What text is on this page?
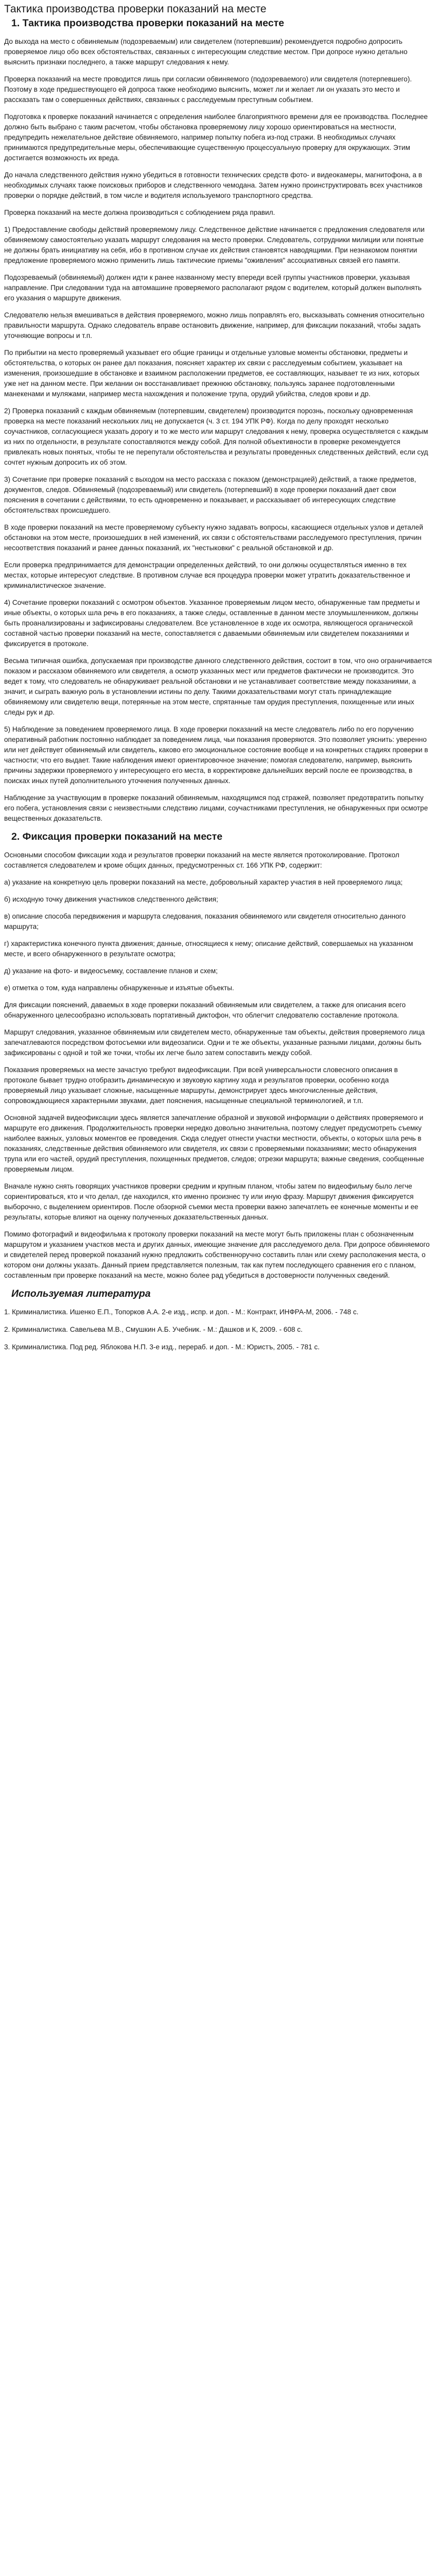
Тактика производства проверки показаний на месте
1. Тактика производства проверки показаний на месте

До выхода на место с обвиняемым (подозреваемым) или свидетелем (потерпевшим) рекомендуется подробно допросить проверяемое лицо обо всех обстоятельствах, связанных с интересующим следствие местом. При допросе нужно детально выяснить признаки последнего, а также маршрут следования к нему.

Проверка показаний на месте проводится лишь при согласии обвиняемого (подозреваемого) или свидетеля (потерпевшего). Поэтому в ходе предшествующего ей допроса также необходимо выяснить, может ли и желает ли он указать это место и рассказать там о совершенных действиях, связанных с расследуемым преступным событием.

Подготовка к проверке показаний начинается с определения наиболее благоприятного времени для ее производства. Последнее должно быть выбрано с таким расчетом, чтобы обстановка проверяемому лицу хорошо ориентироваться на местности, предупредить нежелательное действие обвиняемого, например попытку побега из-под стражи. В необходимых случаях принимаются предупредительные меры, обеспечивающие существенную процессуальную проверку для окружающих. Этим достигается возможность их вреда.

До начала следственного действия нужно убедиться в готовности технических средств фото- и видеокамеры, магнитофона, а в необходимых случаях также поисковых приборов и следственного чемодана. Затем нужно проинструктировать всех участников проверки о порядке действий, в том числе и водителя используемого транспортного средства.

Проверка показаний на месте должна производиться с соблюдением ряда правил.

1) Предоставление свободы действий проверяемому лицу. Следственное действие начинается с предложения следователя или обвиняемому самостоятельно указать маршрут следования на место проверки. Следователь, сотрудники милиции или понятые не должны брать инициативу на себя, ибо в противном случае их действия становятся наводящими. При незнакомом понятии предложение проверяемого можно применить лишь тактические приемы "оживления" ассоциативных связей его памяти.

Подозреваемый (обвиняемый) должен идти к ранее названному месту впереди всей группы участников проверки, указывая направление. При следовании туда на автомашине проверяемого располагают рядом с водителем, который должен выполнять его указания о маршруте движения.

Следователю нельзя вмешиваться в действия проверяемого, можно лишь поправлять его, высказывать сомнения относительно правильности маршрута. Однако следователь вправе остановить движение, например, для фиксации показаний, чтобы задать уточняющие вопросы и т.п.

По прибытии на место проверяемый указывает его общие границы и отдельные узловые моменты обстановки, предметы и обстоятельства, о которых он ранее дал показания, поясняет характер их связи с расследуемым событием, указывает на изменения, произошедшие в обстановке и взаимном расположении предметов, ее составляющих, называет те из них, которых уже нет на данном месте. При желании он восстанавливает прежнюю обстановку, пользуясь заранее подготовленными манекенами и муляжами, например места нахождения и положение трупа, орудий убийства, следов крови и др.

2) Проверка показаний с каждым обвиняемым (потерпевшим, свидетелем) производится порознь, поскольку одновременная проверка на месте показаний нескольких лиц не допускается (ч. 3 ст. 194 УПК РФ). Когда по делу проходят несколько соучастников, согласующиеся указать дорогу и то же место или маршрут следования к нему, проверка осуществляется с каждым из них по отдельности, в результате сопоставляются между собой. Для полной объективности в проверке рекомендуется привлекать новых понятых, чтобы те не перепутали обстоятельства и результаты проведенных следственных действий, если суд сочтет нужным допросить их об этом.

3) Сочетание при проверке показаний с выходом на место рассказа с показом (демонстрацией) действий, а также предметов, документов, следов. Обвиняемый (подозреваемый) или свидетель (потерпевший) в ходе проверки показаний дает свои пояснения в сочетании с действиями, то есть одновременно и показывает, и рассказывает об интересующих следствие обстоятельствах происшедшего.

В ходе проверки показаний на месте проверяемому субъекту нужно задавать вопросы, касающиеся отдельных узлов и деталей обстановки на этом месте, произошедших в ней изменений, их связи с обстоятельствами расследуемого преступления, причин несоответствия показаний и ранее данных показаний, их "нестыковки" с реальной обстановкой и др.

Если проверка предпринимается для демонстрации определенных действий, то они должны осуществляться именно в тех местах, которые интересуют следствие. В противном случае вся процедура проверки может утратить доказательственное и криминалистическое значение.

4) Сочетание проверки показаний с осмотром объектов. Указанное проверяемым лицом место, обнаруженные там предметы и иные объекты, о которых шла речь в его показаниях, а также следы, оставленные в данном месте злоумышленником, должны быть проанализированы и зафиксированы следователем. Все установленное в ходе их осмотра, являющегося органической составной частью проверки показаний на месте, сопоставляется с даваемыми обвиняемым или свидетелем показаниями и фиксируется в протоколе.

Весьма типичная ошибка, допускаемая при производстве данного следственного действия, состоит в том, что оно ограничивается показом и рассказом обвиняемого или свидетеля, а осмотр указанных мест или предметов фактически не производится. Это ведет к тому, что следователь не обнаруживает реальной обстановки и не устанавливает соответствие между показаниями, а значит, и сыграть важную роль в установлении истины по делу. Такими доказательствами могут стать принадлежащие обвиняемому или свидетелю вещи, потерянные на этом месте, спрятанные там орудия преступления, похищенные или иных следы рук и др.

5) Наблюдение за поведением проверяемого лица. В ходе проверки показаний на месте следователь либо по его поручению оперативный работник постоянно наблюдает за поведением лица, чьи показания проверяются. Это позволяет уяснить: уверенно или нет действует обвиняемый или свидетель, каково его эмоциональное состояние вообще и на конкретных стадиях проверки в частности; что его выдает. Такие наблюдения имеют ориентировочное значение; помогая следователю, например, выяснить причины задержки проверяемого у интересующего его места, в корректировке дальнейших версий после ее производства, в поисках иных путей дополнительного уточнения полученных данных.

Наблюдение за участвующим в проверке показаний обвиняемым, находящимся под стражей, позволяет предотвратить попытку его побега, установления связи с неизвестными следствию лицами, соучастниками преступления, не обнаруженных при осмотре вещественных доказательств.

2. Фиксация проверки показаний на месте

Основными способом фиксации хода и результатов проверки показаний на месте является протоколирование. Протокол составляется следователем и кроме общих данных, предусмотренных ст. 166 УПК РФ, содержит:

а) указание на конкретную цель проверки показаний на месте, добровольный характер участия в ней проверяемого лица;

б) исходную точку движения участников следственного действия;

в) описание способа передвижения и маршрута следования, показания обвиняемого или свидетеля относительно данного маршрута;

г) характеристика конечного пункта движения; данные, относящиеся к нему; описание действий, совершаемых на указанном месте, и всего обнаруженного в результате осмотра;

д) указание на фото- и видеосъемку, составление планов и схем;

е) отметка о том, куда направлены обнаруженные и изъятые объекты.

Для фиксации пояснений, даваемых в ходе проверки показаний обвиняемым или свидетелем, а также для описания всего обнаруженного целесообразно использовать портативный диктофон, что облегчит следователю составление протокола.

Маршрут следования, указанное обвиняемым или свидетелем место, обнаруженные там объекты, действия проверяемого лица запечатлеваются посредством фотосъемки или видеозаписи. Одни и те же объекты, указанные разными лицами, должны быть зафиксированы с одной и той же точки, чтобы их легче было затем сопоставить между собой.

Показания проверяемых на месте зачастую требуют видеофиксации. При всей универсальности словесного описания в протоколе бывает трудно отобразить динамическую и звуковую картину хода и результатов проверки, особенно когда проверяемый лицо указывает сложные, насыщенные маршруты, демонстрирует здесь многочисленные действия, сопровождающиеся характерными звуками, дает пояснения, насыщенные специальной терминологией, и т.п.

Основной задачей видеофиксации здесь является запечатление образной и звуковой информации о действиях проверяемого и маршруте его движения. Продолжительность проверки нередко довольно значительна, поэтому следует предусмотреть съемку наиболее важных, узловых моментов ее проведения. Сюда следует отнести участки местности, объекты, о которых шла речь в показаниях, следственные действия обвиняемого или свидетеля, их связи с проверяемыми показаниями; место обнаружения трупа или его частей, орудий преступления, похищенных предметов, следов; отрезки маршрута; важные сведения, сообщенные проверяемым лицом.

Вначале нужно снять говорящих участников проверки средним и крупным планом, чтобы затем по видеофильму было легче сориентироваться, кто и что делал, где находился, кто именно произнес ту или иную фразу. Маршрут движения фиксируется выборочно, с выделением ориентиров. После обзорной съемки места проверки важно запечатлеть ее конечные моменты и ее результаты, которые влияют на оценку полученных доказательственных данных.

Помимо фотографий и видеофильма к протоколу проверки показаний на месте могут быть приложены план с обозначенным маршрутом и указанием участков места и других данных, имеющие значение для расследуемого дела. При допросе обвиняемого и свидетелей перед проверкой показаний нужно предложить собственноручно составить план или схему расположения места, о котором они должны указать. Данный прием представляется полезным, так как путем последующего сравнения его с планом, составленным при проверке показаний на месте, можно более рад убедиться в достоверности полученных сведений.

Используемая литература

1. Криминалистика. Ишенко Е.П., Топорков А.А. 2-е изд., испр. и доп. - М.: Контракт, ИНФРА-М, 2006. - 748 с.

2. Криминалистика. Савельева М.В., Смушкин А.Б. Учебник. - М.: Дашков и К, 2009. - 608 с.

3. Криминалистика. Под ред. Яблокова Н.П. 3-е изд., перераб. и доп. - М.: Юристъ, 2005. - 781 с.
